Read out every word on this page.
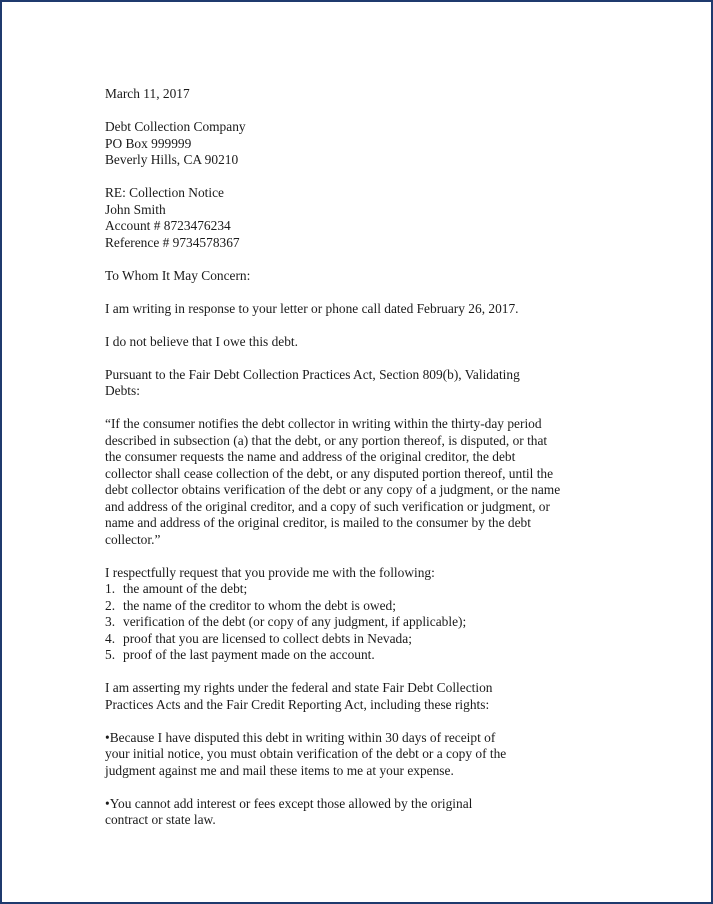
March 11, 2017
Debt Collection Company
PO Box 999999
Beverly Hills, CA 90210
RE: Collection Notice
John Smith
Account # 8723476234
Reference # 9734578367
To Whom It May Concern:
I am writing in response to your letter or phone call dated February 26, 2017.
I do not believe that I owe this debt.
Pursuant to the Fair Debt Collection Practices Act, Section 809(b), Validating
Debts:
“If the consumer notifies the debt collector in writing within the thirty-day period
described in subsection (a) that the debt, or any portion thereof, is disputed, or that
the consumer requests the name and address of the original creditor, the debt
collector shall cease collection of the debt, or any disputed portion thereof, until the
debt collector obtains verification of the debt or any copy of a judgment, or the name
and address of the original creditor, and a copy of such verification or judgment, or
name and address of the original creditor, is mailed to the consumer by the debt
collector.”
I respectfully request that you provide me with the following:
1. the amount of the debt;
2. the name of the creditor to whom the debt is owed;
3. verification of the debt (or copy of any judgment, if applicable);
4. proof that you are licensed to collect debts in Nevada;
5. proof of the last payment made on the account.
I am asserting my rights under the federal and state Fair Debt Collection
Practices Acts and the Fair Credit Reporting Act, including these rights:
•Because I have disputed this debt in writing within 30 days of receipt of
your initial notice, you must obtain verification of the debt or a copy of the
judgment against me and mail these items to me at your expense.
•You cannot add interest or fees except those allowed by the original
contract or state law.
